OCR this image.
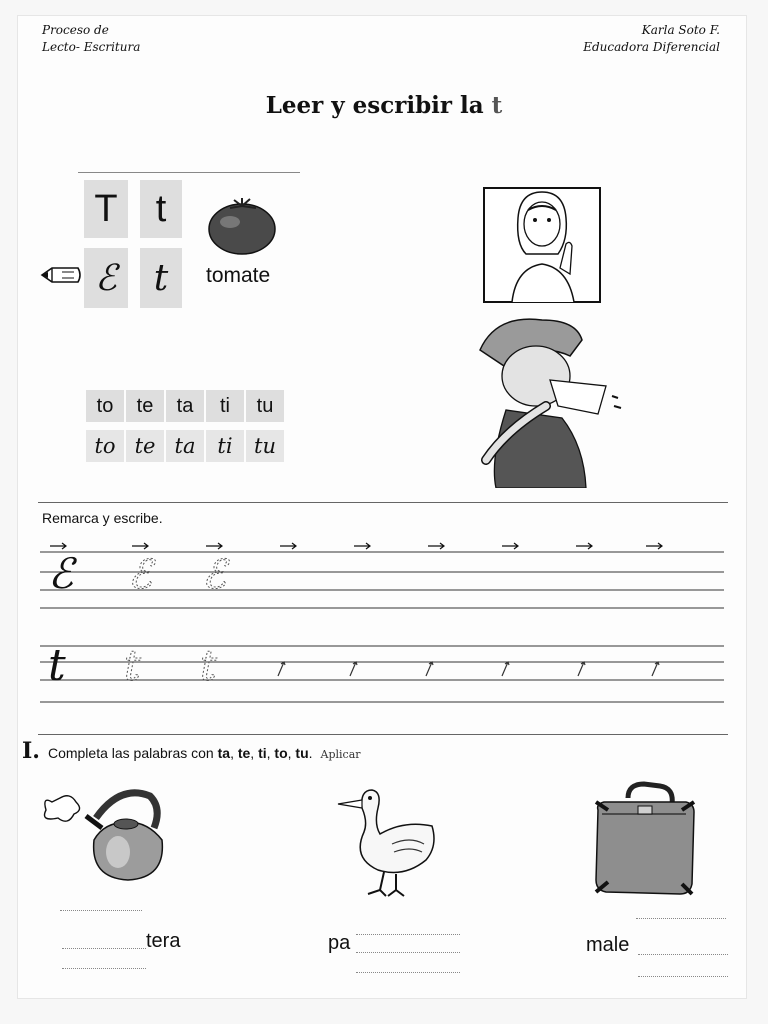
Proceso de
Lecto- Escritura
Karla Soto F.
Educadora Diferencial
Leer y escribir la t
T	t
ℰ	t	tomate
to	te	ta	ti	tu
to te ta	ti	tu
Remarca y escribe.
ℰ ℰ ℰ
t t t
I. Completa las palabras con ta, te, ti, to, tu. Aplicar
tera	pa	male
